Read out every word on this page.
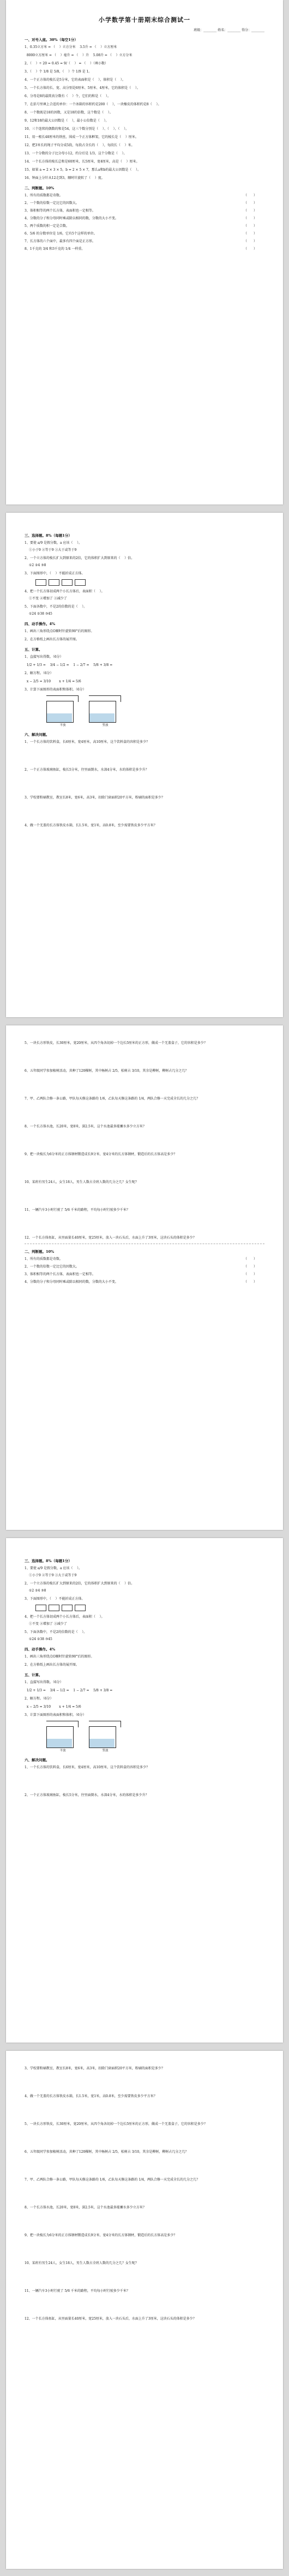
小学数学第十册期末综合测试一
班级：________ 姓名：________ 得分：________
一、对号入座。30%（每空1分）
1、0.35立方米 = （    ）立方分米    3.5升 = （    ）立方厘米
8000立方厘米 = （    ）毫升 = （    ）升    5.08升 = （    ）立方分米
2、（    ）÷ 20 = 0.45 = 9/（    ） = （    ）（填小数）
3、（    ）个 1/8 是 5/8，（    ）个 1/9 是 1。
4、一个正方体的棱长是5分米，它的表面积是（    ），体积是（    ）。
5、一个长方体的长、宽、高分别是6厘米、5厘米、4厘米，它的体积是（    ）。
6、分母是8的最简真分数有（    ）个，它们的和是（    ）。
7、在括号里填上合适的单位：一个冰箱的容积约是200（    ），一块橡皮的体积约是8（    ）。
8、一个数既是18的因数，又是18的倍数，这个数是（    ）。
9、12和18的最大公因数是（    ），最小公倍数是（    ）。
10、三个连续的偶数的和是54，这三个数分别是（    ）、（    ）、（    ）。
11、用一根长48厘米的铁丝，围成一个正方体框架，它的棱长是（    ）厘米。
12、把3米长的绳子平均分成5段，每段占全长的（    ），每段长（    ）米。
13、一个分数的分子比分母小12，约分后是 1/3，这个分数是（    ）。
14、一个长方体的棱长总和是60厘米，长5厘米，宽4厘米，高是（    ）厘米。
15、如果 a = 2 × 3 × 5，b = 2 × 5 × 7，那么a和b的最大公因数是（    ）。
16、钟面上分针从12走到3，顺时针旋转了（    ）度。
二、判断题。10%
1、所有的质数都是奇数。	（　　）
2、一个数的倍数一定比它的因数大。	（　　）
3、体积相等的两个长方体，表面积也一定相等。	（　　）
4、分数的分子和分母同时乘或除以相同的数，分数的大小不变。	（　　）
5、两个质数的积一定是合数。	（　　）
6、5/6 的分数单位是 1/6，它有5个这样的单位。	（　　）
7、长方体的六个面中，最多有四个面是正方形。	（　　）
8、1千克的 3/4 和3千克的 1/4 一样重。	（　　）
三、选择题。8%（每题1分）
1、要使 a/9 是假分数，a 应该（    ）。
①小于9 ②等于9 ③大于或等于9
2、一个立方体的棱长扩大到原来的2倍，它的体积扩大到原来的（    ）倍。
①2 ②4 ③8
3、下面图形中，（    ）不能折成正方体。
4、把一个长方体切成两个小长方体后，表面积（    ）。
①不变 ②增加了 ③减少了
5、下面各数中，不是2的倍数的是（    ）。
①24 ②38 ③45
四、动手操作。4%
1、画出三角形绕点O顺时针旋转90°后的图形。
2、在方格纸上画出长方体的展开图。
五、计算。
1、直接写出得数。（6分）
1/2 + 1/3 =    3/4 − 1/2 =    1 − 2/7 =    5/8 + 3/8 =
2、解方程。（6分）
x − 2/5 = 3/10        x + 1/4 = 5/6
3、计算下面图形的表面积和体积。（6分）
平放	竖放
六、解决问题。
1、一个长方体的饮料盒，长6厘米，宽4厘米，高10厘米，这个饮料盒的容积是多少？
2、一个正方体玻璃鱼缸，棱长5分米，往里面倒水，水深4分米，水的体积是多少升？
3、学校要粉刷教室，教室长8米，宽6米，高3米，扣除门窗面积20平方米，粉刷的面积是多少？
4、做一个无盖的长方体铁皮水箱，长1.5米，宽1米，高0.8米，至少需要铁皮多少平方米？
5、一块长方形铁皮，长30厘米，宽20厘米，从四个角各切掉一个边长5厘米的正方形，做成一个无盖盒子，它的容积是多少？
6、五年级同学参加植树活动，共种了120棵树，其中杨树占 2/5，松树占 3/10，其余是柳树，柳树占几分之几？
7、甲、乙两队合修一条公路，甲队每天修这条路的 1/6，乙队每天修这条路的 1/4，两队合修一天完成全长的几分之几？
8、一个长方体水池，长20米，宽8米，深2.5米，这个水池最多能蓄水多少立方米？
9、把一块棱长为6分米的正方体钢材锻造成长9分米、宽4分米的长方体钢材，锻造后的长方体高是多少？
10、某班有男生24人，女生18人，男生人数占全班人数的几分之几？女生呢？
11、一辆汽车3小时行驶了 5/6 千米的路程，平均每小时行驶多少千米？
12、一个长方体鱼缸，从里面量长40厘米，宽25厘米，放入一块石头后，水面上升了3厘米，这块石头的体积是多少？
二、判断题。10%
1、所有的质数都是奇数。	（　　）
2、一个数的倍数一定比它的因数大。	（　　）
3、体积相等的两个长方体，表面积也一定相等。	（　　）
4、分数的分子和分母同时乘或除以相同的数，分数的大小不变。	（　　）
三、选择题。8%（每题1分）
1、要使 a/9 是假分数，a 应该（    ）。
①小于9 ②等于9 ③大于或等于9
2、一个立方体的棱长扩大到原来的2倍，它的体积扩大到原来的（    ）倍。
①2 ②4 ③8
3、下面图形中，（    ）不能折成正方体。
4、把一个长方体切成两个小长方体后，表面积（    ）。
①不变 ②增加了 ③减少了
5、下面各数中，不是2的倍数的是（    ）。
①24 ②38 ③45
四、动手操作。4%
1、画出三角形绕点O顺时针旋转90°后的图形。
2、在方格纸上画出长方体的展开图。
五、计算。
1、直接写出得数。（6分）
1/2 + 1/3 =    3/4 − 1/2 =    1 − 2/7 =    5/8 + 3/8 =
2、解方程。（6分）
x − 2/5 = 3/10        x + 1/4 = 5/6
3、计算下面图形的表面积和体积。（6分）
平放	竖放
六、解决问题。
1、一个长方体的饮料盒，长6厘米，宽4厘米，高10厘米，这个饮料盒的容积是多少？
2、一个正方体玻璃鱼缸，棱长5分米，往里面倒水，水深4分米，水的体积是多少升？
3、学校要粉刷教室，教室长8米，宽6米，高3米，扣除门窗面积20平方米，粉刷的面积是多少？
4、做一个无盖的长方体铁皮水箱，长1.5米，宽1米，高0.8米，至少需要铁皮多少平方米？
5、一块长方形铁皮，长30厘米，宽20厘米，从四个角各切掉一个边长5厘米的正方形，做成一个无盖盒子，它的容积是多少？
6、五年级同学参加植树活动，共种了120棵树，其中杨树占 2/5，松树占 3/10，其余是柳树，柳树占几分之几？
7、甲、乙两队合修一条公路，甲队每天修这条路的 1/6，乙队每天修这条路的 1/4，两队合修一天完成全长的几分之几？
8、一个长方体水池，长20米，宽8米，深2.5米，这个水池最多能蓄水多少立方米？
9、把一块棱长为6分米的正方体钢材锻造成长9分米、宽4分米的长方体钢材，锻造后的长方体高是多少？
10、某班有男生24人，女生18人，男生人数占全班人数的几分之几？女生呢？
11、一辆汽车3小时行驶了 5/6 千米的路程，平均每小时行驶多少千米？
12、一个长方体鱼缸，从里面量长40厘米，宽25厘米，放入一块石头后，水面上升了3厘米，这块石头的体积是多少？
